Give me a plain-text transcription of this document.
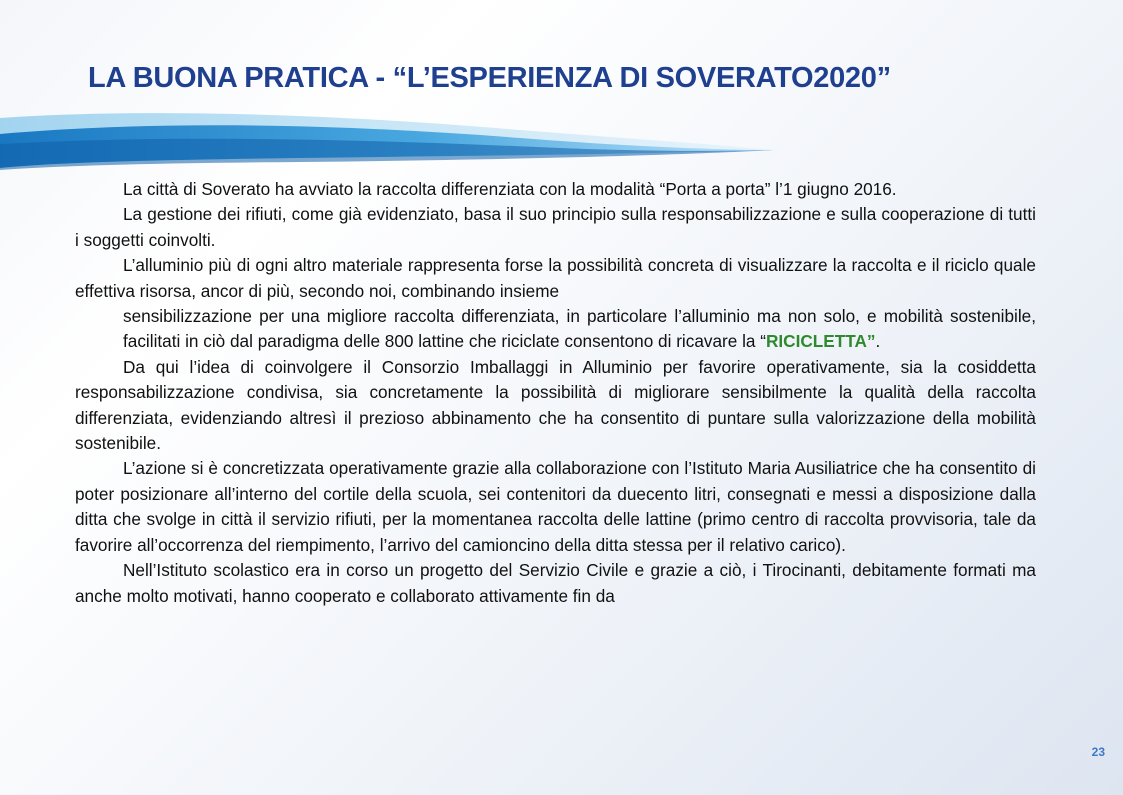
LA BUONA PRATICA - “L’ESPERIENZA DI SOVERATO2020”

La città di Soverato ha avviato la raccolta differenziata con la modalità “Porta a porta” l’1 giugno 2016.

La gestione dei rifiuti, come già evidenziato, basa il suo principio sulla responsabilizzazione e sulla cooperazione di tutti i soggetti coinvolti.

L’alluminio più di ogni altro materiale rappresenta forse la possibilità concreta di visualizzare la raccolta e il riciclo quale effettiva risorsa, ancor di più, secondo noi, combinando insieme

sensibilizzazione per una migliore raccolta differenziata, in particolare l’alluminio ma non solo, e mobilità sostenibile, facilitati in ciò dal paradigma delle 800 lattine che riciclate consentono di ricavare la “RICICLETTA”.

Da qui l’idea di coinvolgere il Consorzio Imballaggi in Alluminio per favorire operativamente, sia la cosiddetta responsabilizzazione condivisa, sia concretamente la possibilità di migliorare sensibilmente la qualità della raccolta differenziata, evidenziando altresì il prezioso abbinamento che ha consentito di puntare sulla valorizzazione della mobilità sostenibile.

L’azione si è concretizzata operativamente grazie alla collaborazione con l’Istituto Maria Ausiliatrice che ha consentito di poter posizionare all’interno del cortile della scuola, sei contenitori da duecento litri, consegnati e messi a disposizione dalla ditta che svolge in città il servizio rifiuti, per la momentanea raccolta delle lattine (primo centro di raccolta provvisoria, tale da favorire all’occorrenza del riempimento, l’arrivo del camioncino della ditta stessa per il relativo carico).

Nell’Istituto scolastico era in corso un progetto del Servizio Civile e grazie a ciò, i Tirocinanti, debitamente formati ma anche molto motivati, hanno cooperato e collaborato attivamente fin da

23
